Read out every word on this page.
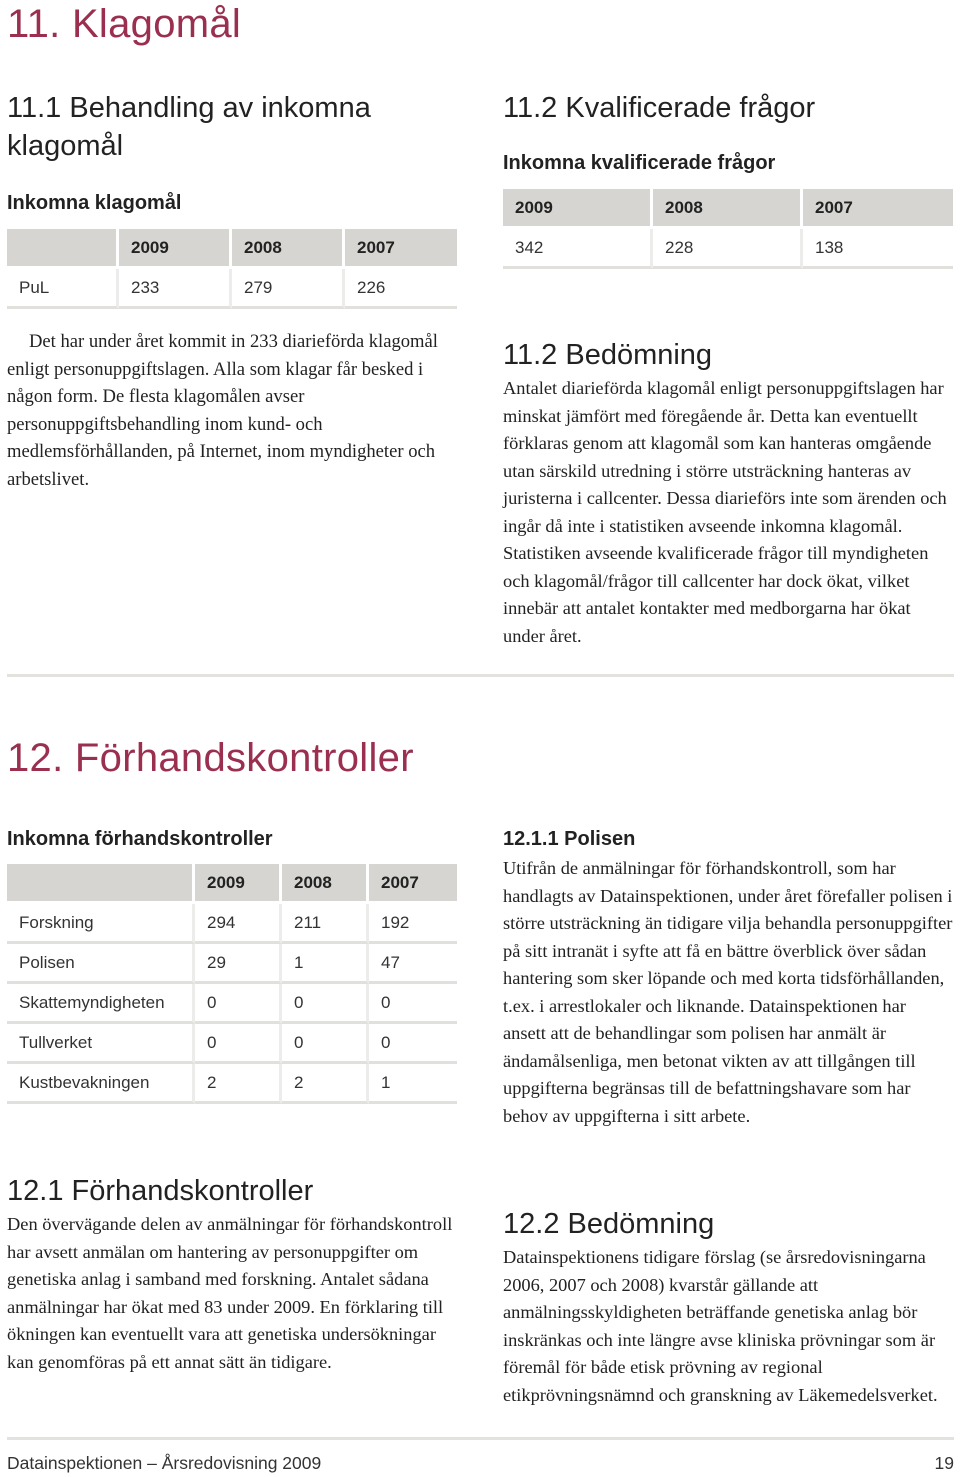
11. Klagomål
11.1 Behandling av inkomna klagomål

Inkomna klagomål

	2009	2008	2007
PuL	233	279	226

Det har under året kommit in 233 diarieförda klagomål enligt personuppgiftslagen. Alla som klagar får besked i någon form. De flesta klagomålen avser personuppgiftsbehandling inom kund- och medlemsförhållanden, på Internet, inom myndigheter och arbetslivet.

11.2 Kvalificerade frågor

Inkomna kvalificerade frågor

2009	2008	2007
342	228	138
11.2 Bedömning

Antalet diarieförda klagomål enligt personuppgiftslagen har minskat jämfört med föregående år. Detta kan eventuellt förklaras genom att klagomål som kan hanteras omgående utan särskild utredning i större utsträckning hanteras av juristerna i callcenter. Dessa diarieförs inte som ärenden och ingår då inte i statistiken avseende inkomna klagomål. Statistiken avseende kvalificerade frågor till myndigheten och klagomål/frågor till callcenter har dock ökat, vilket innebär att antalet kontakter med medborgarna har ökat under året.

12. Förhandskontroller

Inkomna förhandskontroller

	2009	2008	2007
Forskning	294	211	192
Polisen	29	1	47
Skattemyndigheten	0	0	0
Tullverket	0	0	0
Kustbevakningen	2	2	1
12.1 Förhandskontroller

Den övervägande delen av anmälningar för förhandskontroll har avsett anmälan om hantering av personuppgifter om genetiska anlag i samband med forskning. Antalet sådana anmälningar har ökat med 83 under 2009. En förklaring till ökningen kan eventuellt vara att genetiska undersökningar kan genomföras på ett annat sätt än tidigare.

12.1.1 Polisen

Utifrån de anmälningar för förhandskontroll, som har handlagts av Datainspektionen, under året förefaller polisen i större utsträckning än tidigare vilja behandla personuppgifter på sitt intranät i syfte att få en bättre överblick över sådan hantering som sker löpande och med korta tidsförhållanden, t.ex. i arrestlokaler och liknande. Datainspektionen har ansett att de behandlingar som polisen har anmält är ändamålsenliga, men betonat vikten av att tillgången till uppgifterna begränsas till de befattningshavare som har behov av uppgifterna i sitt arbete.

12.2 Bedömning

Datainspektionens tidigare förslag (se årsredovisningarna 2006, 2007 och 2008) kvarstår gällande att anmälningsskyldigheten beträffande genetiska anlag bör inskränkas och inte längre avse kliniska prövningar som är föremål för både etisk prövning av regional etikprövningsnämnd och granskning av Läkemedelsverket.

Datainspektionen – Årsredovisning 2009	19
